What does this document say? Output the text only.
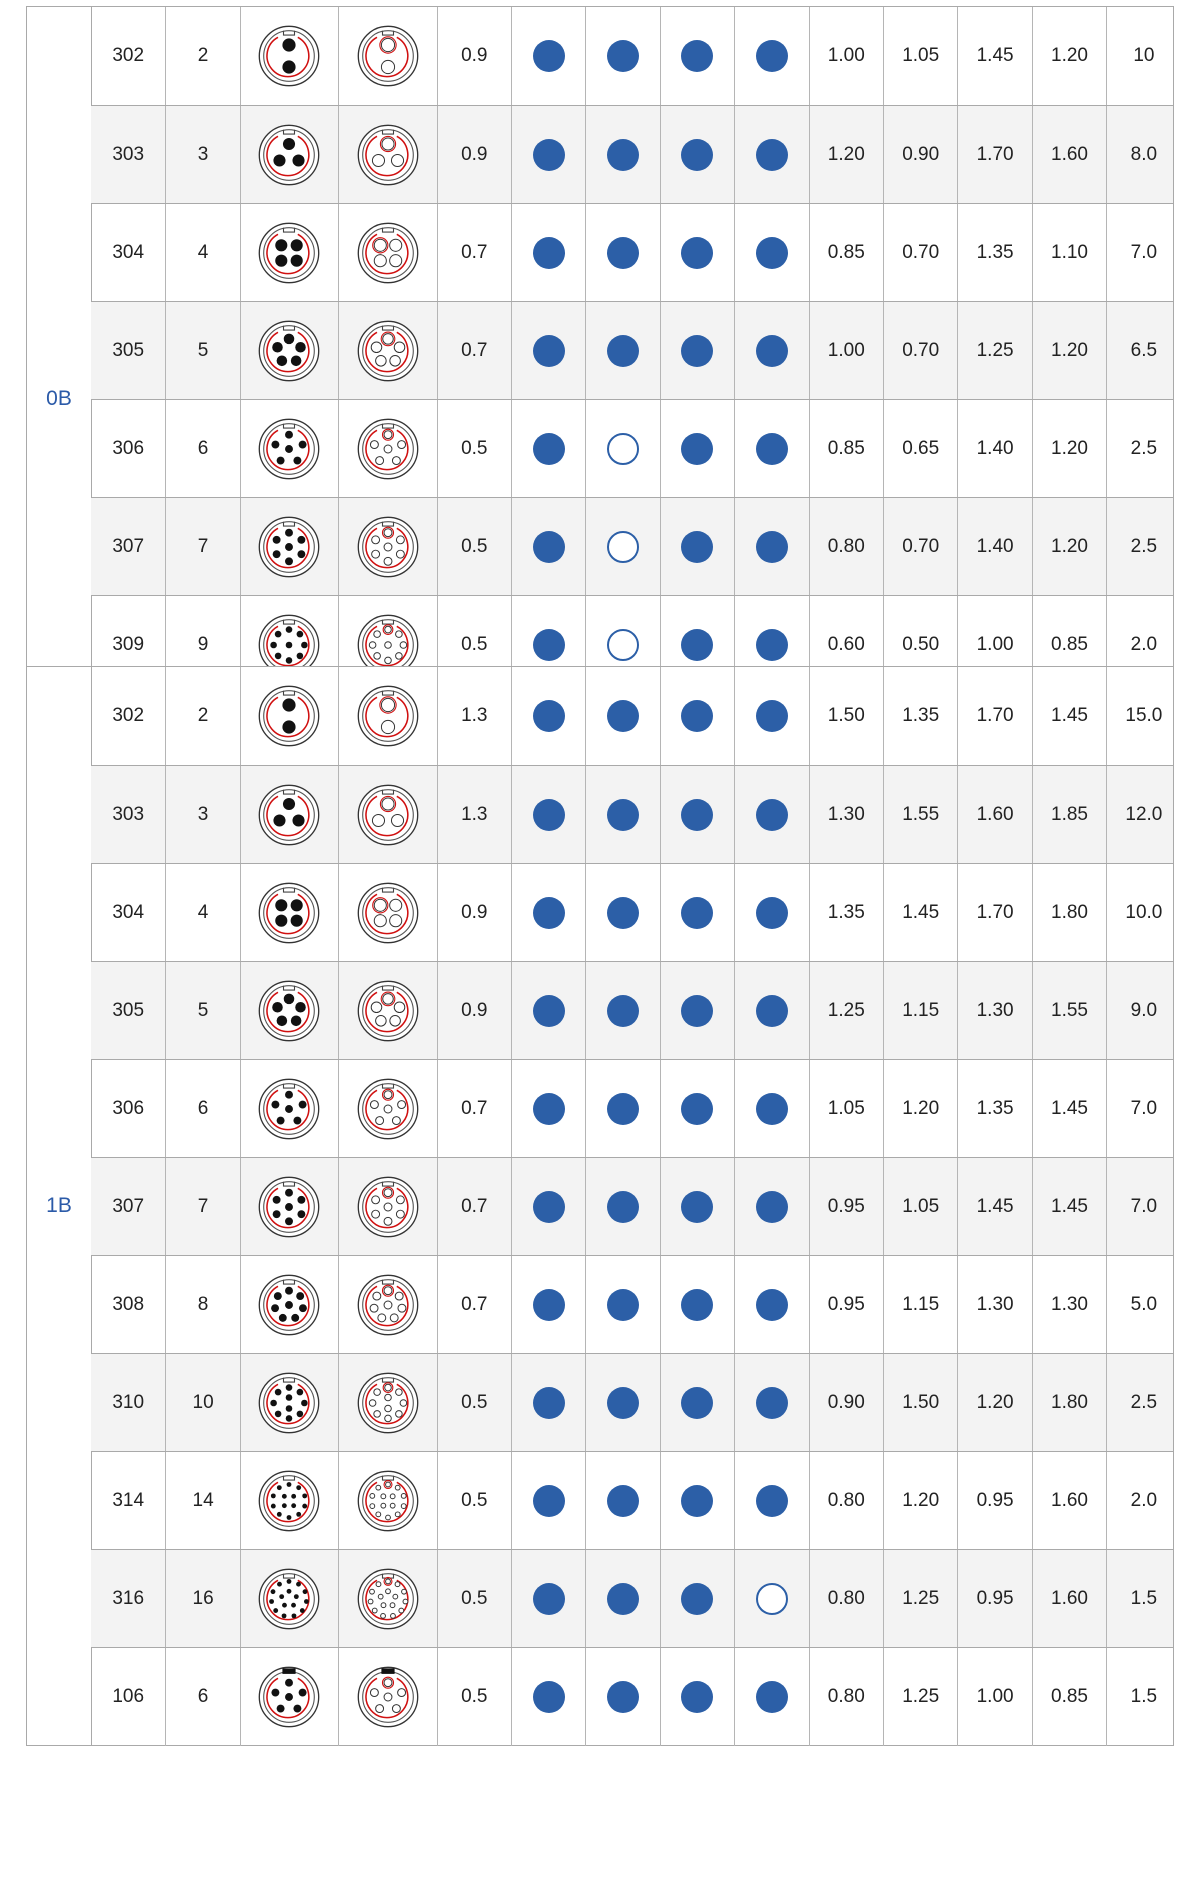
0B
302	2	0.9	1.00	1.05	1.45	1.20	10
303	3	0.9	1.20	0.90	1.70	1.60	8.0
304	4	0.7	0.85	0.70	1.35	1.10	7.0
305	5	0.7	1.00	0.70	1.25	1.20	6.5
306	6	0.5	0.85	0.65	1.40	1.20	2.5
307	7	0.5	0.80	0.70	1.40	1.20	2.5
309	9	0.5	0.60	0.50	1.00	0.85	2.0
1B
302	2	1.3	1.50	1.35	1.70	1.45	15.0
303	3	1.3	1.30	1.55	1.60	1.85	12.0
304	4	0.9	1.35	1.45	1.70	1.80	10.0
305	5	0.9	1.25	1.15	1.30	1.55	9.0
306	6	0.7	1.05	1.20	1.35	1.45	7.0
307	7	0.7	0.95	1.05	1.45	1.45	7.0
308	8	0.7	0.95	1.15	1.30	1.30	5.0
310	10	0.5	0.90	1.50	1.20	1.80	2.5
314	14	0.5	0.80	1.20	0.95	1.60	2.0
316	16	0.5	0.80	1.25	0.95	1.60	1.5
106	6	0.5	0.80	1.25	1.00	0.85	1.5
